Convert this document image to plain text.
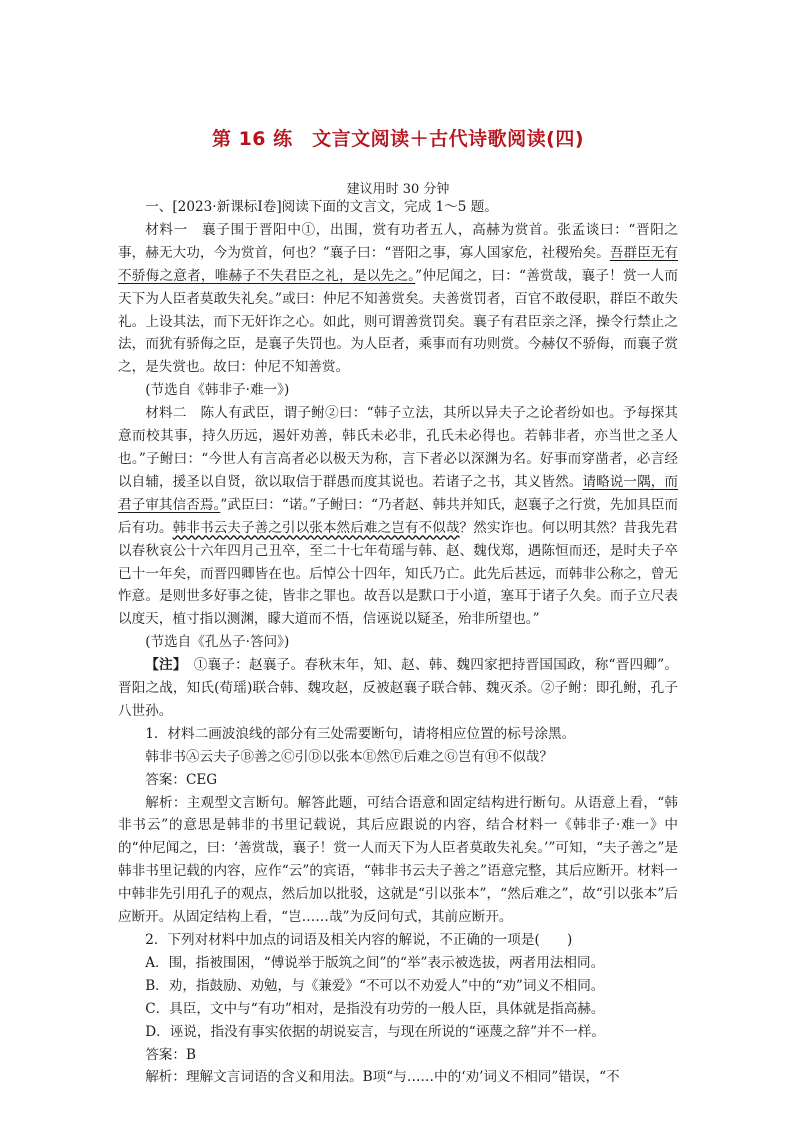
第 16 练　文言文阅读＋古代诗歌阅读(四)
建议用时 30 分钟

一、[2023·新课标Ⅰ卷]阅读下面的文言文，完成 1～5 题。

材料一　襄子围于晋阳中①，出围，赏有功者五人，高赫为赏首。张孟谈曰：“晋阳之事，赫无大功，今为赏首，何也？”襄子曰：“晋阳之事，寡人国家危，社稷殆矣。吾群臣无有不骄侮之意者，唯赫子不失君臣之礼，是以先之。”仲尼闻之，曰：“善赏哉，襄子！赏一人而天下为人臣者莫敢失礼矣。”或曰：仲尼不知善赏矣。夫善赏罚者，百官不敢侵职，群臣不敢失礼。上设其法，而下无奸诈之心。如此，则可谓善赏罚矣。襄子有君臣亲之泽，操令行禁止之法，而犹有骄侮之臣，是襄子失罚也。为人臣者，乘事而有功则赏。今赫仅不骄侮，而襄子赏之，是失赏也。故曰：仲尼不知善赏。

(节选自《韩非子·难一》)

材料二　陈人有武臣，谓子鲋②曰：“韩子立法，其所以异夫子之论者纷如也。予每探其意而校其事，持久历远，遏奸劝善，韩氏未必非，孔氏未必得也。若韩非者，亦当世之圣人也。”子鲋曰：“今世人有言高者必以极天为称，言下者必以深渊为名。好事而穿凿者，必言经以自辅，援圣以自贤，欲以取信于群愚而度其说也。若诸子之书，其义皆然。请略说一隅，而君子审其信否焉。”武臣曰：“诺。”子鲋曰：“乃者赵、韩共并知氏，赵襄子之行赏，先加具臣而后有功。韩非书云夫子善之引以张本然后难之岂有不似哉？然实诈也。何以明其然？昔我先君以春秋哀公十六年四月己丑卒，至二十七年荀瑶与韩、赵、魏伐郑，遇陈恒而还，是时夫子卒已十一年矣，而晋四卿皆在也。后悼公十四年，知氏乃亡。此先后甚远，而韩非公称之，曾无怍意。是则世多好事之徒，皆非之罪也。故吾以是默口于小道，塞耳于诸子久矣。而子立尺表以度天，植寸指以测渊，矇大道而不悟，信诬说以疑圣，殆非所望也。”

(节选自《孔丛子·答问》)

【注】　①襄子：赵襄子。春秋末年，知、赵、韩、魏四家把持晋国国政，称“晋四卿”。晋阳之战，知氏(荀瑶)联合韩、魏攻赵，反被赵襄子联合韩、魏灭杀。②子鲋：即孔鲋，孔子八世孙。

1．材料二画波浪线的部分有三处需要断句，请将相应位置的标号涂黑。

韩非书Ⓐ云夫子Ⓑ善之Ⓒ引Ⓓ以张本Ⓔ然Ⓕ后难之Ⓖ岂有Ⓗ不似哉？

答案：CEG

解析：主观型文言断句。解答此题，可结合语意和固定结构进行断句。从语意上看，“韩非书云”的意思是韩非的书里记载说，其后应跟说的内容，结合材料一《韩非子·难一》中的“仲尼闻之，曰：‘善赏哉，襄子！赏一人而天下为人臣者莫敢失礼矣。’”可知，“夫子善之”是韩非书里记载的内容，应作“云”的宾语，“韩非书云夫子善之”语意完整，其后应断开。材料一中韩非先引用孔子的观点，然后加以批驳，这就是“引以张本”，“然后难之”，故“引以张本”后应断开。从固定结构上看，“岂……哉”为反问句式，其前应断开。

2．下列对材料中加点的词语及相关内容的解说，不正确的一项是(　　)

A．围，指被围困，“傅说举于版筑之间”的“举”表示被选拔，两者用法相同。

B．劝，指鼓励、劝勉，与《兼爱》“不可以不劝爱人”中的“劝”词义不相同。

C．具臣，文中与“有功”相对，是指没有功劳的一般人臣，具体就是指高赫。

D．诬说，指没有事实依据的胡说妄言，与现在所说的“诬蔑之辞”并不一样。

答案：B

解析：理解文言词语的含义和用法。B项“与……中的‘劝’词义不相同”错误，“不
